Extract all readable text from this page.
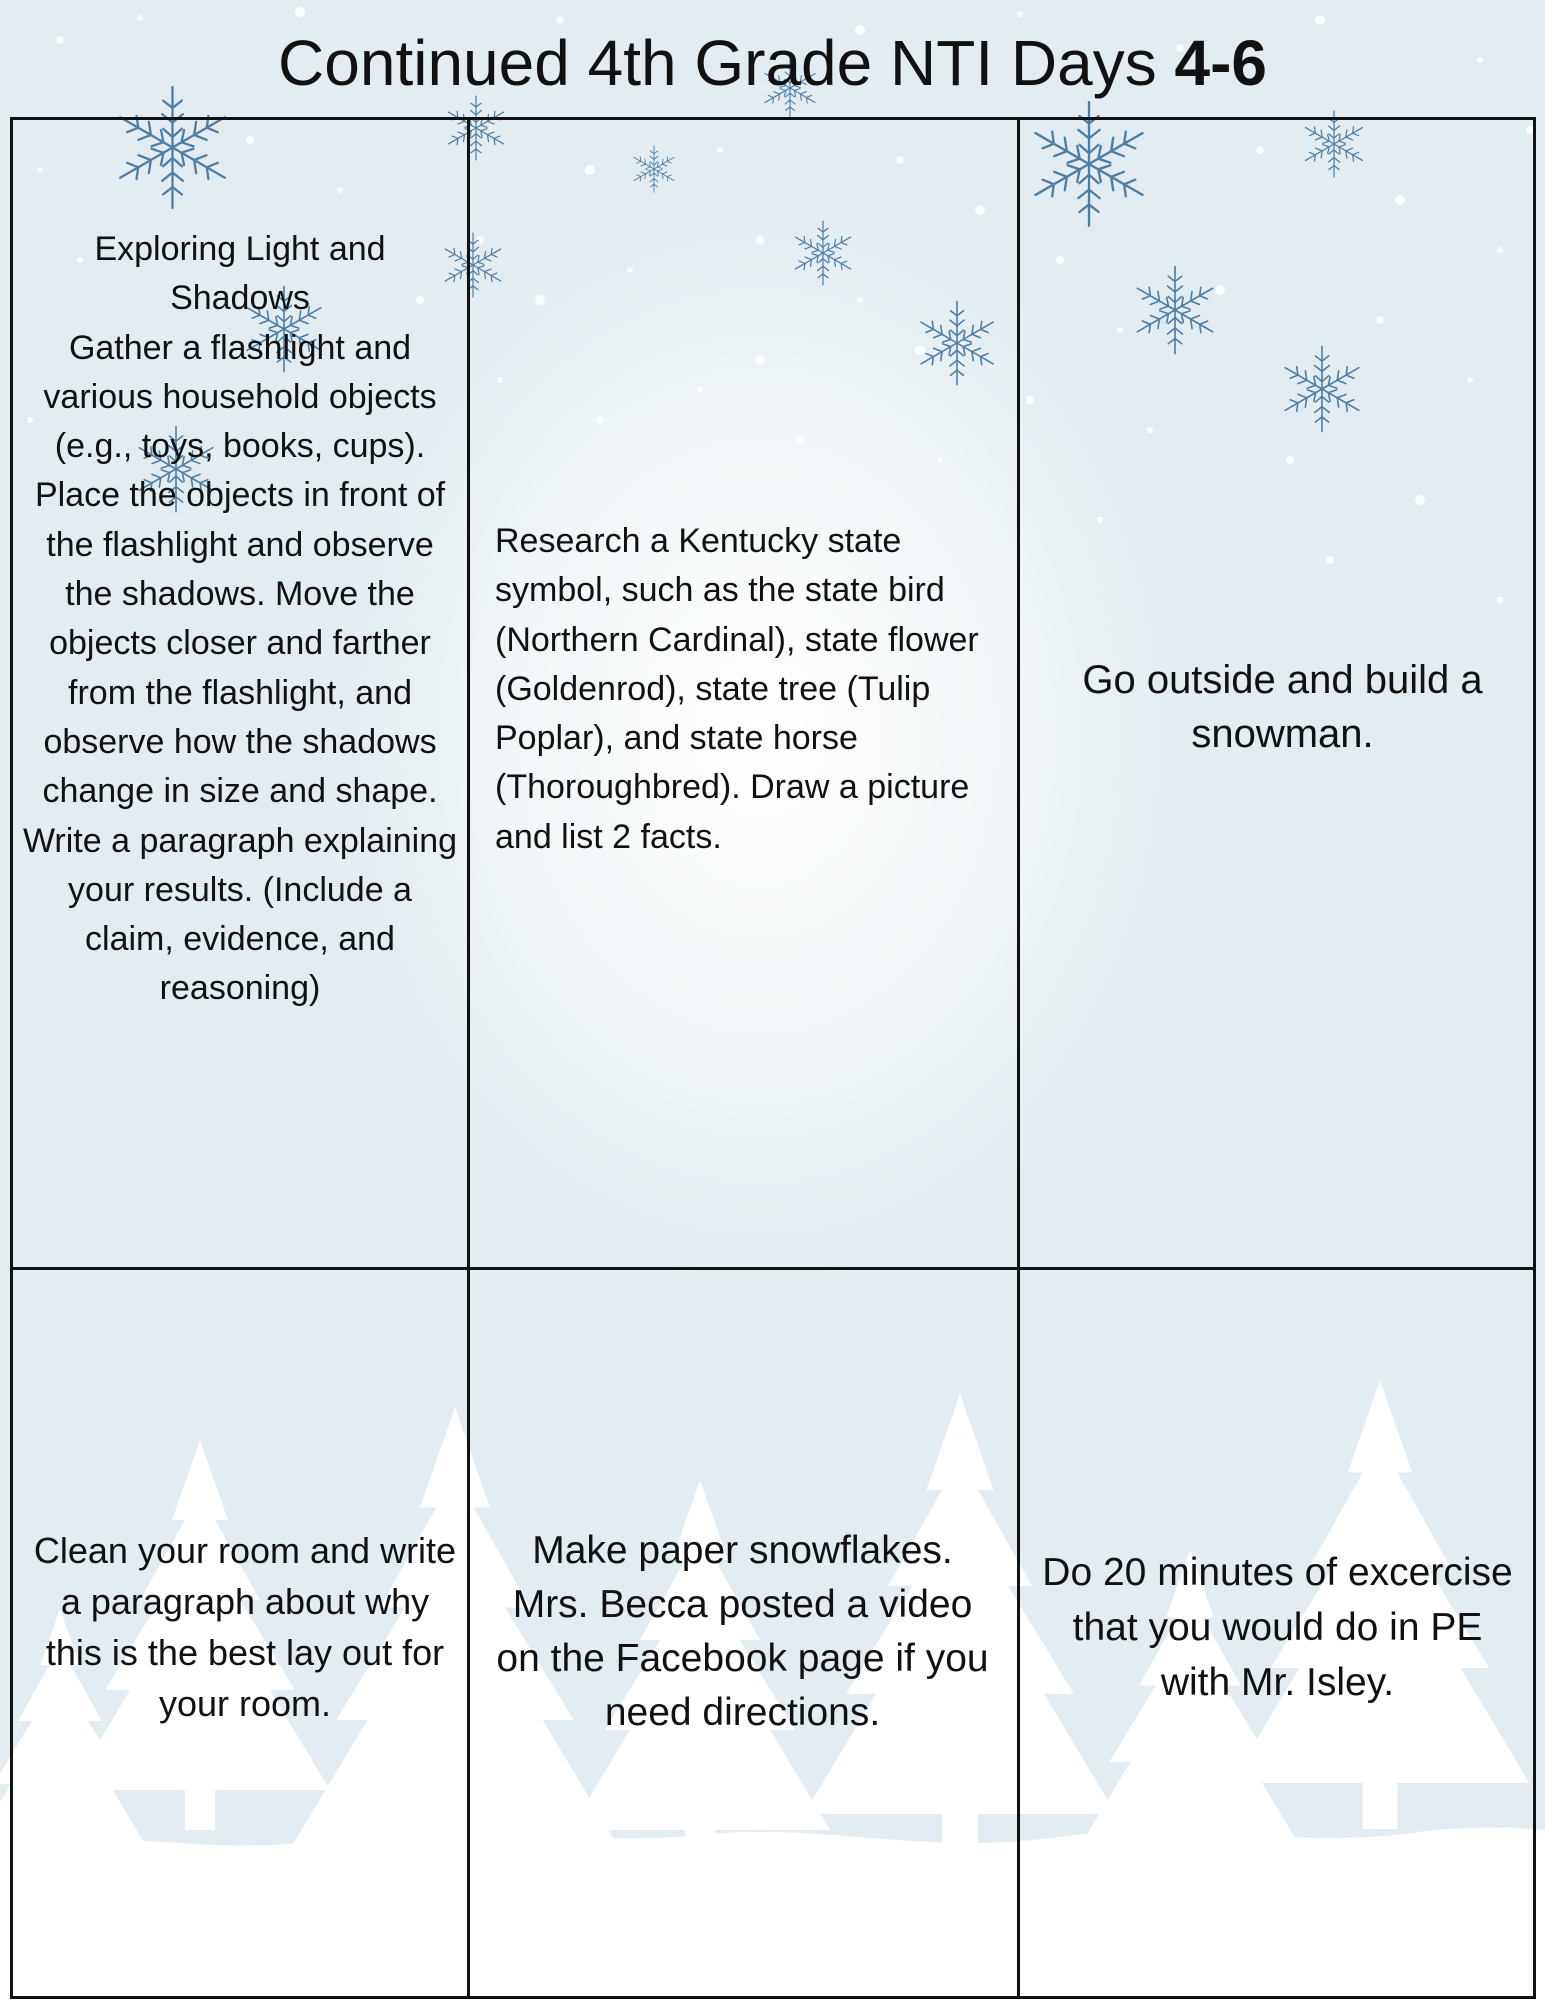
Continued 4th Grade NTI Days 4-6

Exploring Light and Shadows

Gather a flashlight and various household objects (e.g., toys, books, cups).

Place the objects in front of the flashlight and observe the shadows. Move the objects closer and farther from the flashlight, and observe how the shadows change in size and shape. Write a paragraph explaining your results. (Include a claim, evidence, and reasoning)

Research a Kentucky state symbol, such as the state bird (Northern Cardinal), state flower (Goldenrod), state tree (Tulip Poplar), and state horse (Thoroughbred). Draw a picture and list 2 facts.

Go outside and build a snowman.

Clean your room and write a paragraph about why this is the best lay out for your room.

Make paper snowflakes. Mrs. Becca posted a video on the Facebook page if you need directions.

Do 20 minutes of excercise that you would do in PE with Mr. Isley.
